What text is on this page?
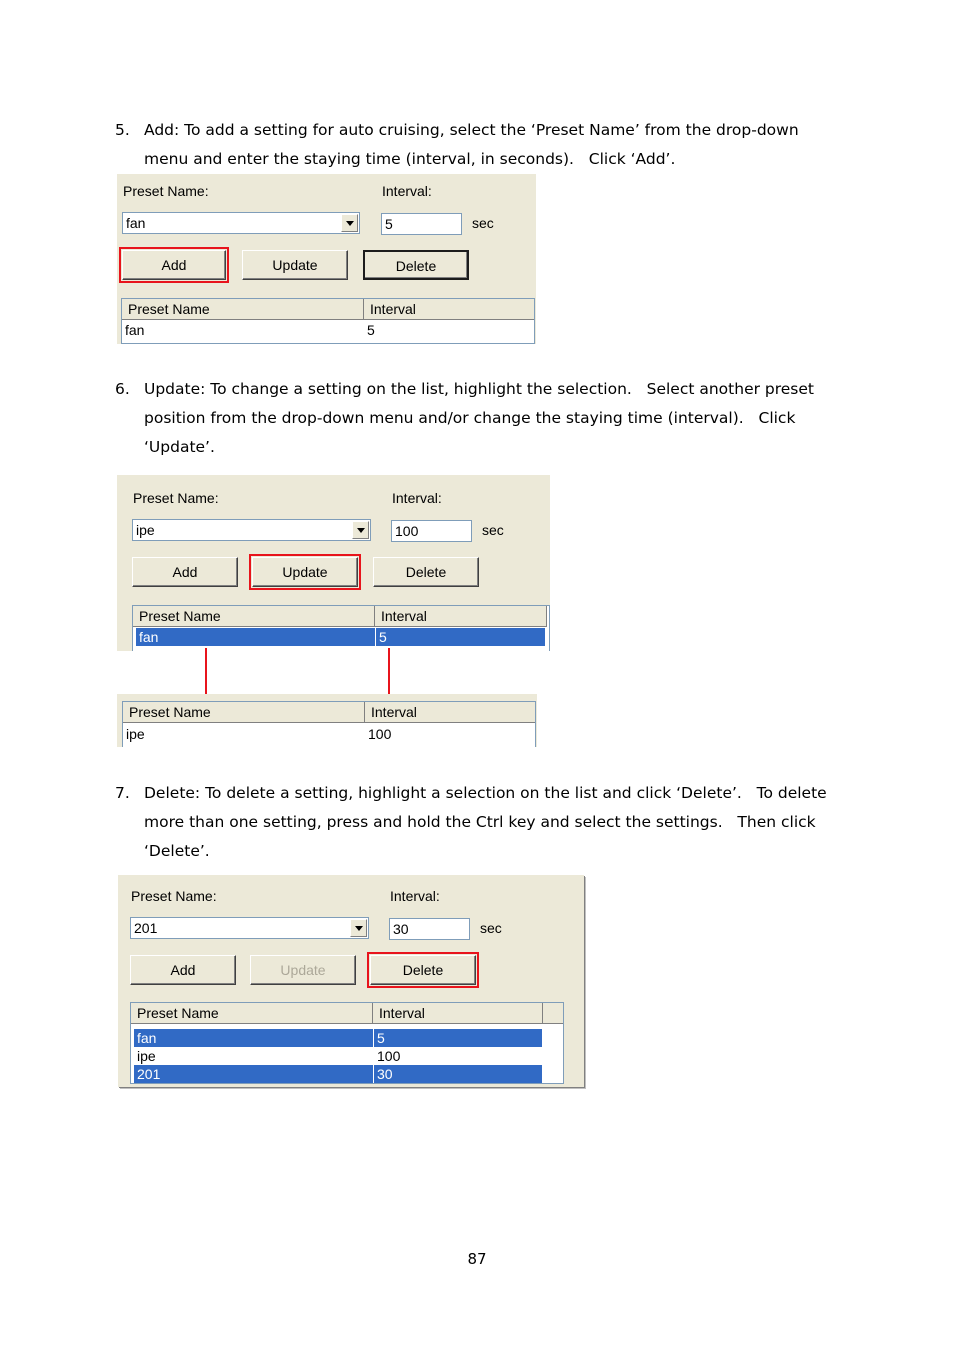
5. Add: To add a setting for auto cruising, select the ‘Preset Name’ from the drop-down menu and enter the staying time (interval, in seconds).   Click ‘Add’.
Preset Name:	Interval:
fan	5	sec
Add	Update	Delete
Preset Name	Interval
fan	5
6. Update: To change a setting on the list, highlight the selection.   Select another preset position from the drop-down menu and/or change the staying time (interval).   Click ‘Update’.
Preset Name:	Interval:
ipe	100	sec
Add	Update	Delete
Preset Name	Interval
fan	5
Preset Name	Interval
ipe	100
7. Delete: To delete a setting, highlight a selection on the list and click ‘Delete’.   To delete more than one setting, press and hold the Ctrl key and select the settings.   Then click ‘Delete’.
Preset Name:	Interval:
201	30	sec
Add	Update	Delete
Preset Name	Interval
fan	5
ipe	100
201	30
87
